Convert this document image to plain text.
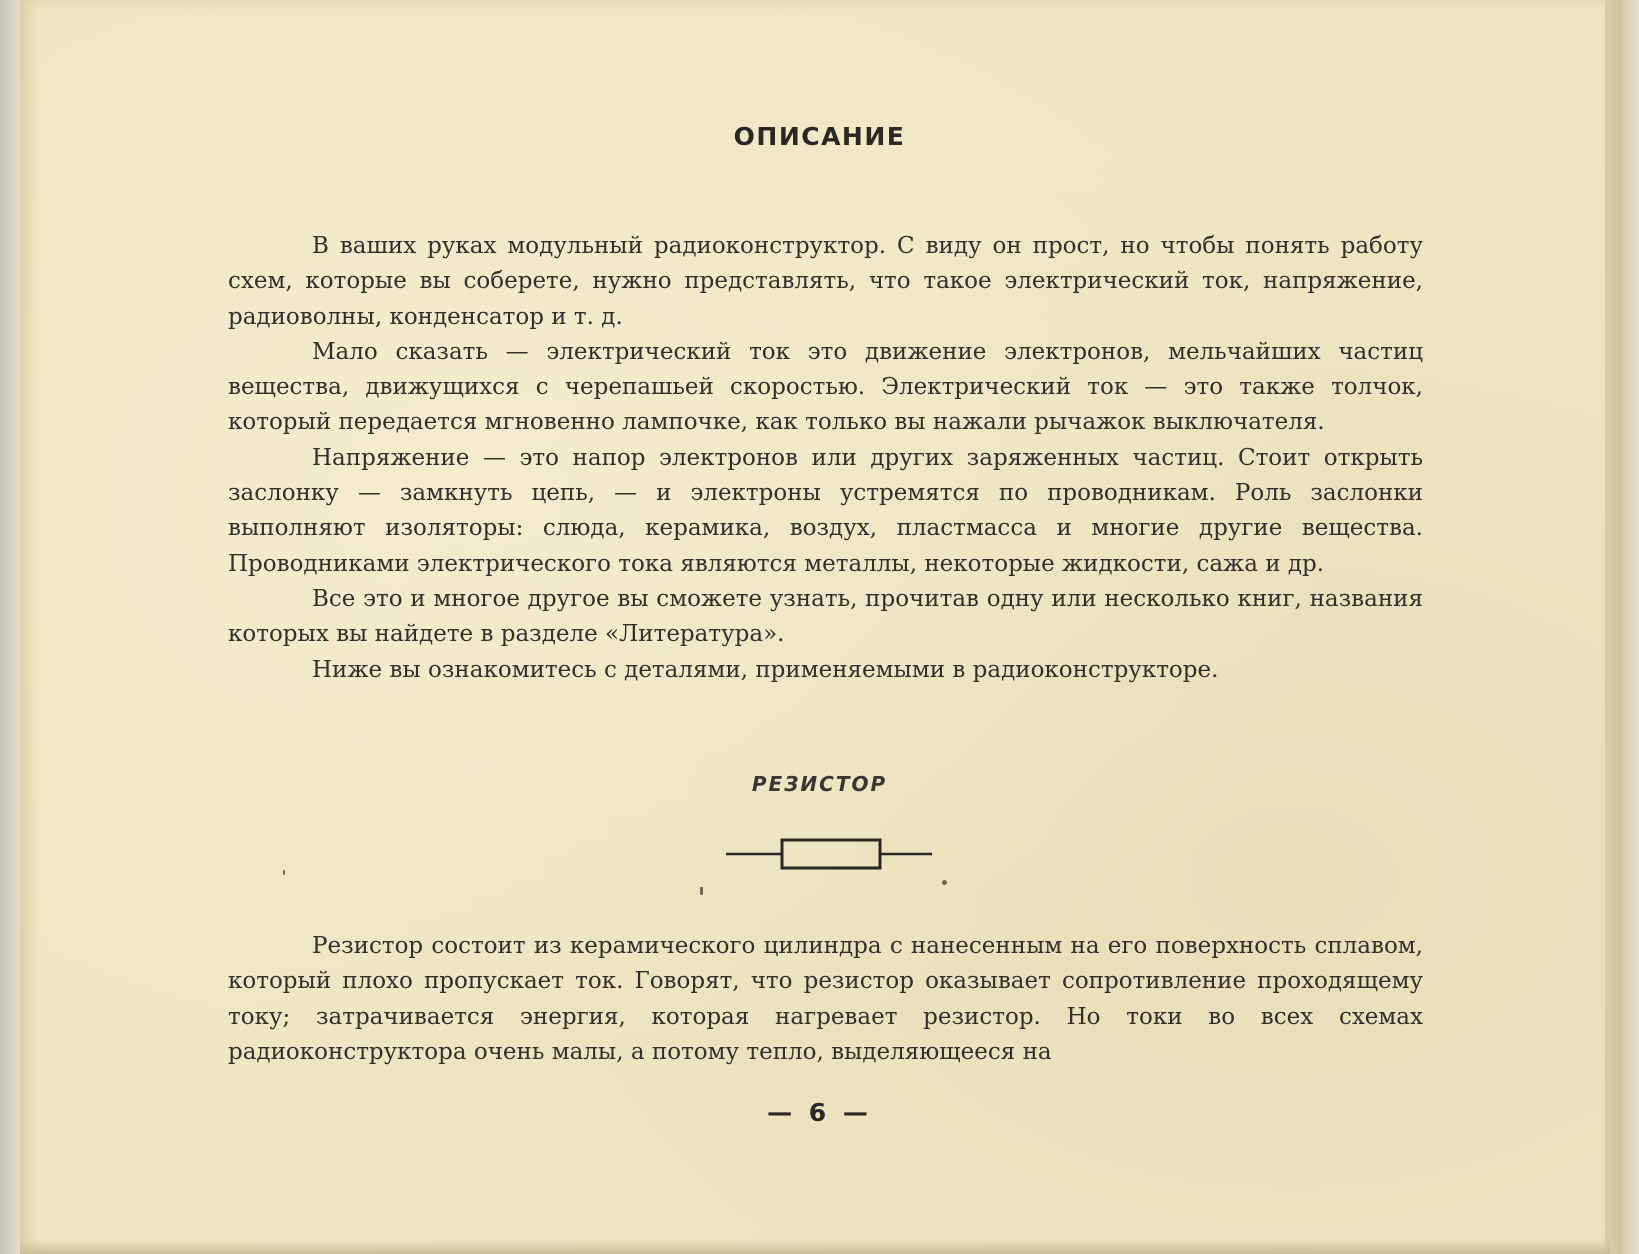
ОПИСАНИЕ

В ваших руках модульный радиоконструктор. С виду он прост, но чтобы понять работу схем, которые вы соберете, нужно представлять, что такое электрический ток, напряжение, радиоволны, конденсатор и т. д.

Мало сказать — электрический ток это движение электронов, мельчайших частиц вещества, движущихся с черепашьей скоростью. Электрический ток — это также толчок, который передается мгновенно лампочке, как только вы нажали рычажок выключателя.

Напряжение — это напор электронов или других заряженных частиц. Стоит открыть заслонку — замкнуть цепь, — и электроны устремятся по проводникам. Роль заслонки выполняют изоляторы: слюда, керамика, воздух, пластмасса и многие другие вещества. Проводниками электрического тока являются металлы, некоторые жидкости, сажа и др.

Все это и многое другое вы сможете узнать, прочитав одну или несколько книг, названия которых вы найдете в разделе «Литература».

Ниже вы ознакомитесь с деталями, применяемыми в радиоконструкторе.

РЕЗИСТОР

Резистор состоит из керамического цилиндра с нанесенным на его поверхность сплавом, который плохо пропускает ток. Говорят, что резистор оказывает сопротивление проходящему току; затрачивается энергия, которая нагревает резистор. Но токи во всех схемах радиоконструктора очень малы, а потому тепло, выделяющееся на

— 6 —
